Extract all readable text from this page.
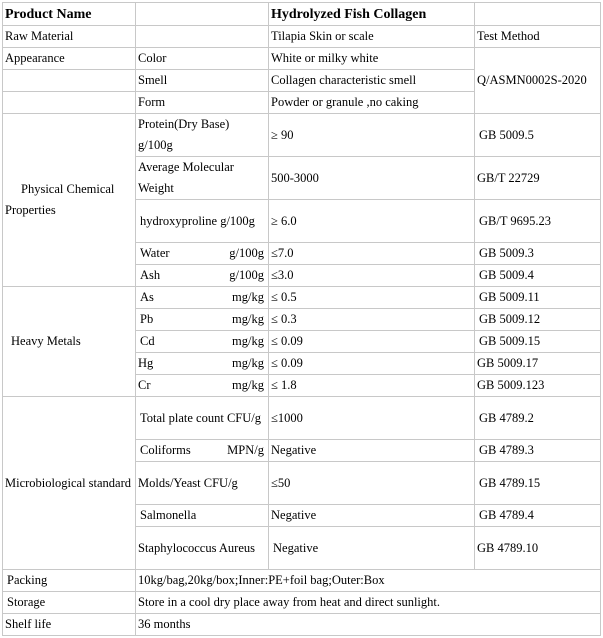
Product Name		Hydrolyzed Fish Collagen	
Raw Material		Tilapia Skin or scale	Test Method
Appearance	Color	White or milky white	Q/ASMN0002S-2020
	Smell	Collagen characteristic smell	
	Form	Powder or granule ,no caking	

Physical Chemical
Properties	Protein(Dry Base) g/100g	≥ 90	GB 5009.5
	Average Molecular Weight	500-3000	GB/T 22729
	hydroxyproline g/100g	≥ 6.0	GB/T 9695.23

	Water g/100g	≤7.0	GB 5009.3

	Ash g/100g	≤3.0	GB 5009.4
Heavy Metals	As mg/kg	≤ 0.5	GB 5009.11

	Pb mg/kg	≤ 0.3	GB 5009.12

	Cd mg/kg	≤ 0.09	GB 5009.15

	Hg mg/kg	≤ 0.09	GB 5009.17

	Cr mg/kg	≤ 1.8	GB 5009.123
Microbiological standard	Total plate count CFU/g	≤1000	GB 4789.2

	Coliforms MPN/g	Negative	GB 4789.3
	Molds/Yeast CFU/g	≤50	GB 4789.15
	Salmonella	Negative	GB 4789.4
	Staphylococcus Aureus	Negative	GB 4789.10
Packing	10kg/bag,20kg/box;Inner:PE+foil bag;Outer:Box		
Storage	Store in a cool dry place away from heat and direct sunlight.		
Shelf life	36 months		
